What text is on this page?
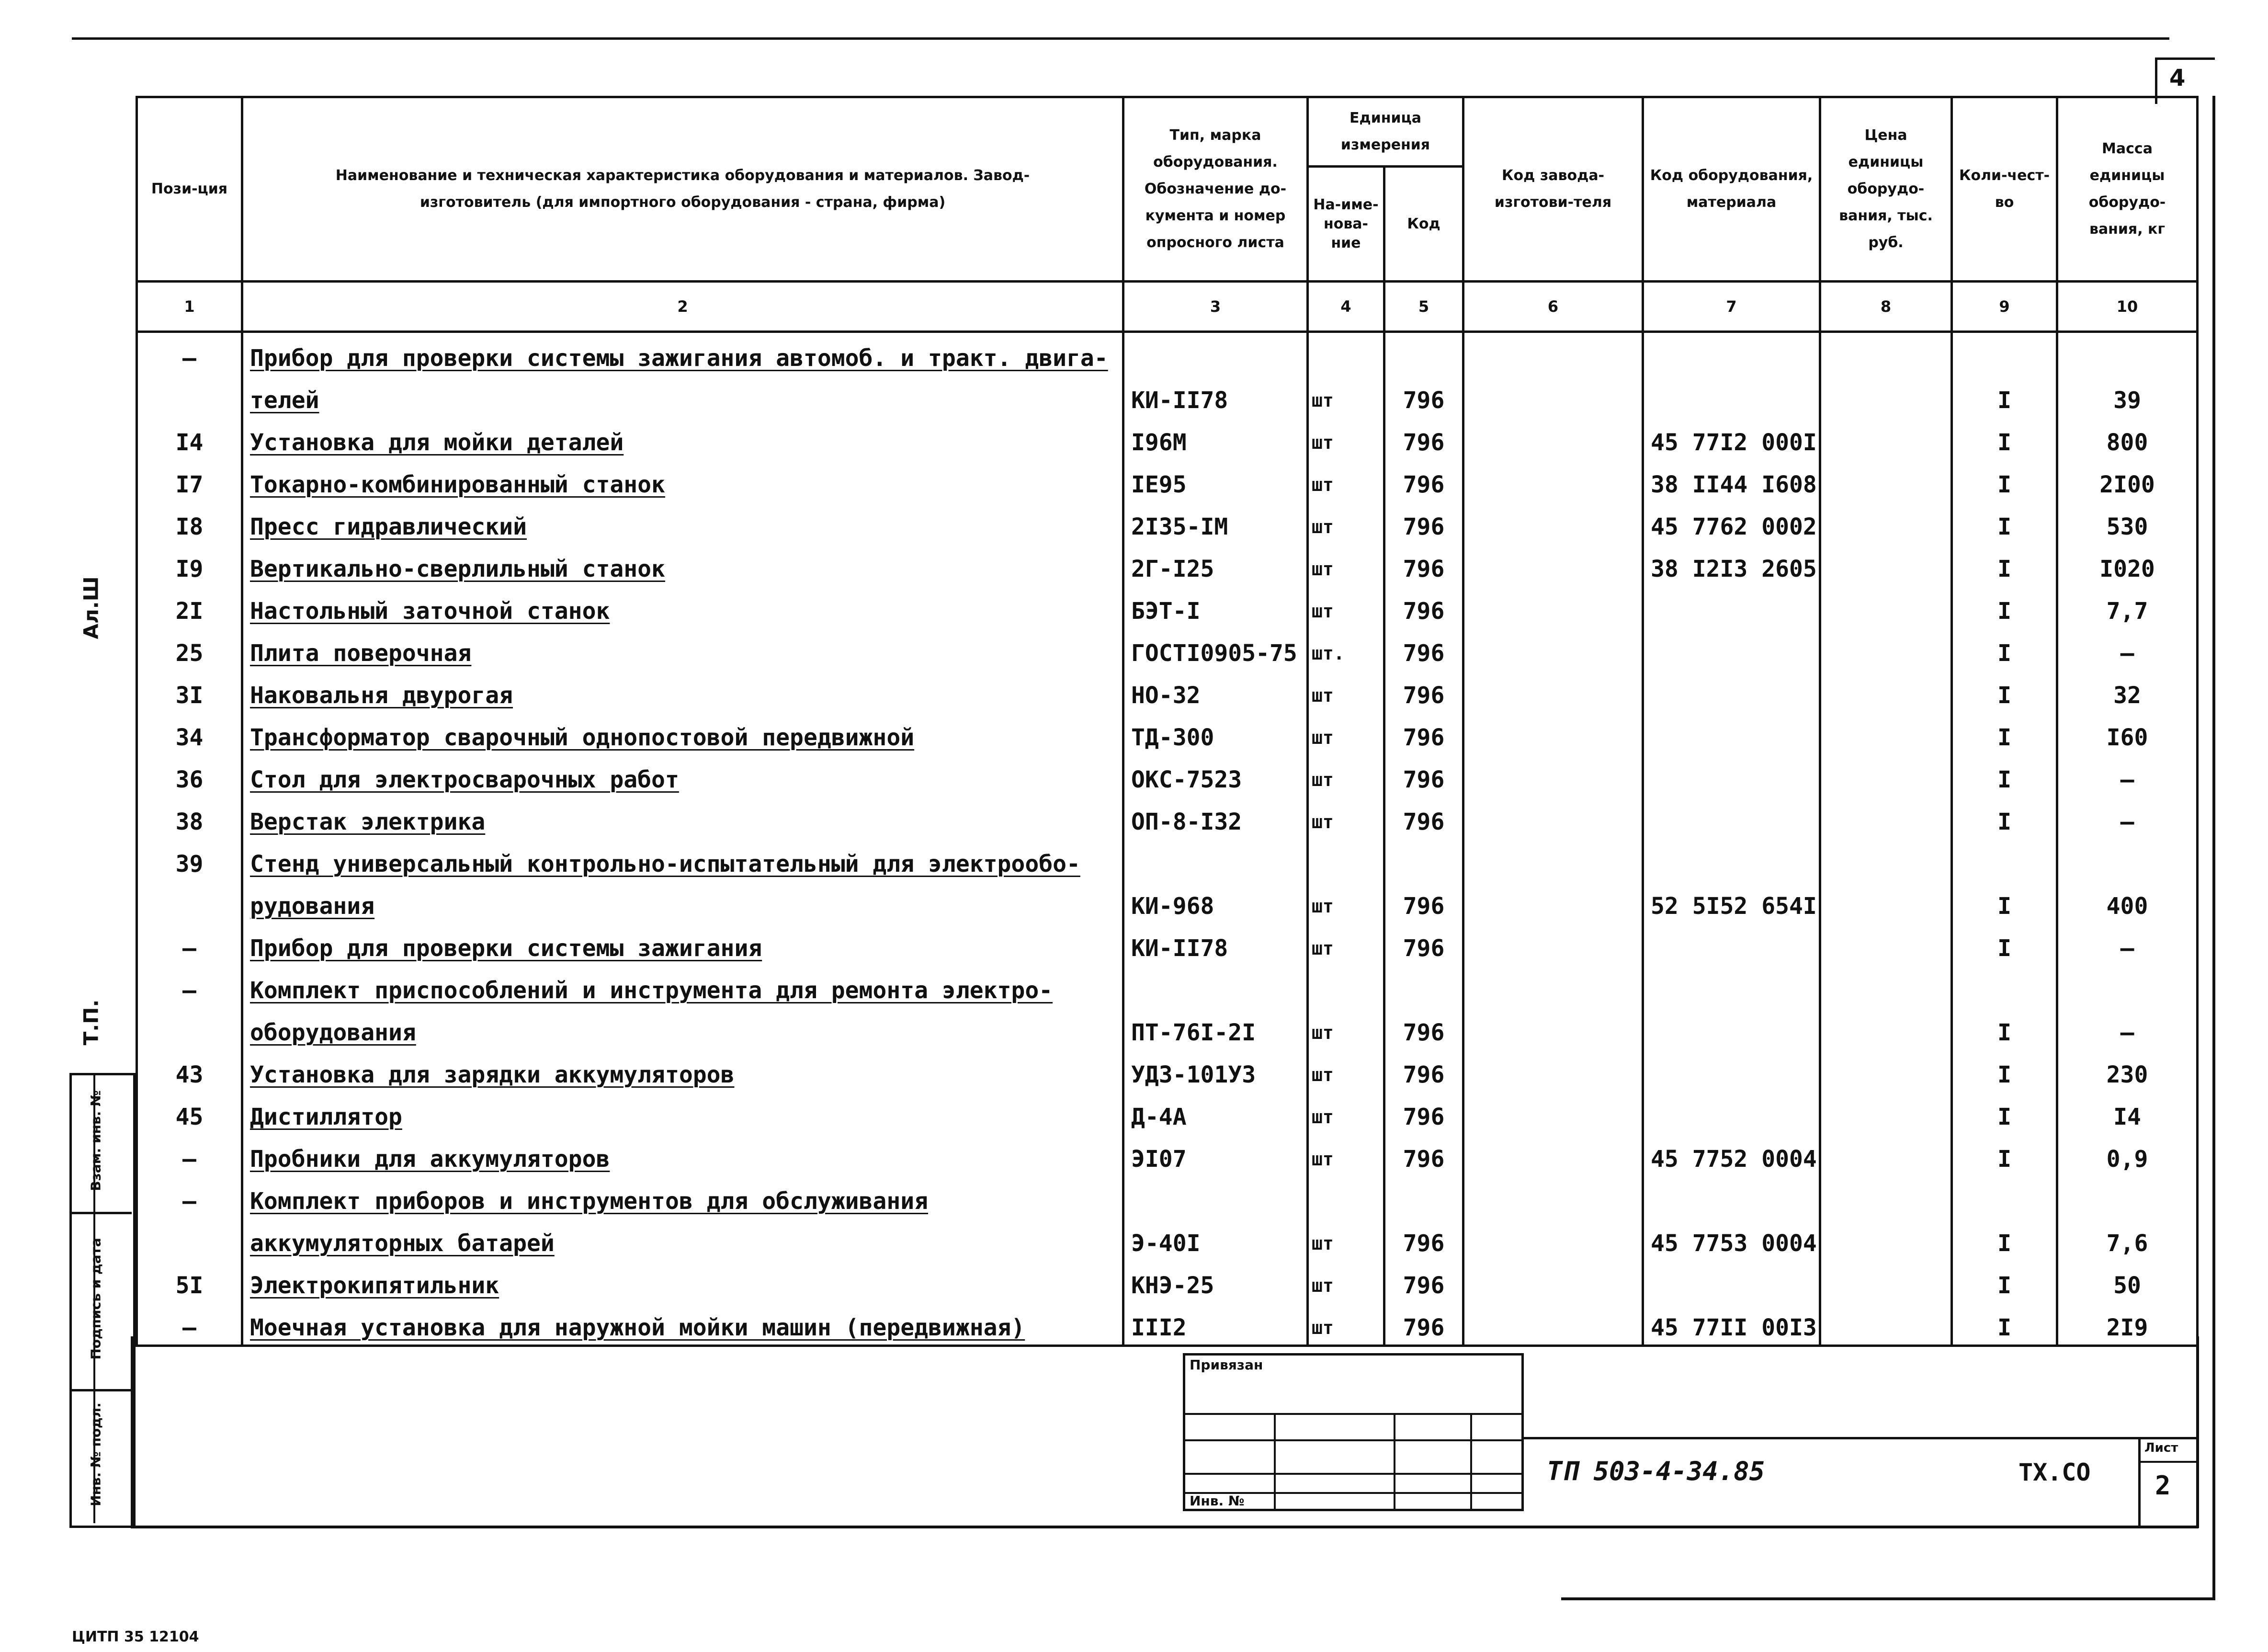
4
Ал.Ш
Т.П.
Взам. инв. №
Подпись и дата
Инв. № подл.
Пози-ция	Наименование и техническая характеристика оборудования и материалов. Завод-изготовитель (для импортного оборудования - страна, фирма)	Тип, марка оборудования. Обозначение до-кумента и номер опросного листа	Единица измерения		Код завода-изготови-теля	Код оборудования, материала	Цена единицы оборудо-вания, тыс. руб.	Коли-чест-во	Масса единицы оборудо-вания, кг
			На-име-нова-ние	Код					
1	2	3	4	5	6	7	8	9	10
–	Прибор для проверки системы зажигания автомоб. и тракт. двига-								
	телей	КИ-II78	шт	796				I	39
I4	Установка для мойки деталей	I96М	шт	796		45 77I2 000I		I	800
I7	Токарно-комбинированный станок	IЕ95	шт	796		38 II44 I608		I	2I00
I8	Пресс гидравлический	2I35-IМ	шт	796		45 7762 0002		I	530
I9	Вертикально-сверлильный станок	2Г-I25	шт	796		38 I2I3 2605		I	I020
2I	Настольный заточной станок	БЭТ-I	шт	796				I	7,7
25	Плита поверочная	ГОСТI0905-75	шт.	796				I	–
3I	Наковальня двурогая	НО-32	шт	796				I	32
34	Трансформатор сварочный однопостовой передвижной	ТД-300	шт	796				I	I60
36	Стол для электросварочных работ	ОКС-7523	шт	796				I	–
38	Верстак электрика	ОП-8-I32	шт	796				I	–
39	Стенд универсальный контрольно-испытательный для электрообо-								
	рудования	КИ-968	шт	796		52 5I52 654I		I	400
–	Прибор для проверки системы зажигания	КИ-II78	шт	796				I	–
–	Комплект приспособлений и инструмента для ремонта электро-								
	оборудования	ПТ-76I-2I	шт	796				I	–
43	Установка для зарядки аккумуляторов	УДЗ-101УЗ	шт	796				I	230
45	Дистиллятор	Д-4А	шт	796				I	I4
–	Пробники для аккумуляторов	ЭI07	шт	796		45 7752 0004		I	0,9
–	Комплект приборов и инструментов для обслуживания								
	аккумуляторных батарей	Э-40I	шт	796		45 7753 0004		I	7,6
5I	Электрокипятильник	КНЭ-25	шт	796				I	50
–	Моечная установка для наружной мойки машин (передвижная)	III2	шт	796		45 77II 00I3		I	2I9
Привязан
Инв. №
ТП 503-4-34.85	ТХ.СО
Лист
2
ЦИТП 35 12104
